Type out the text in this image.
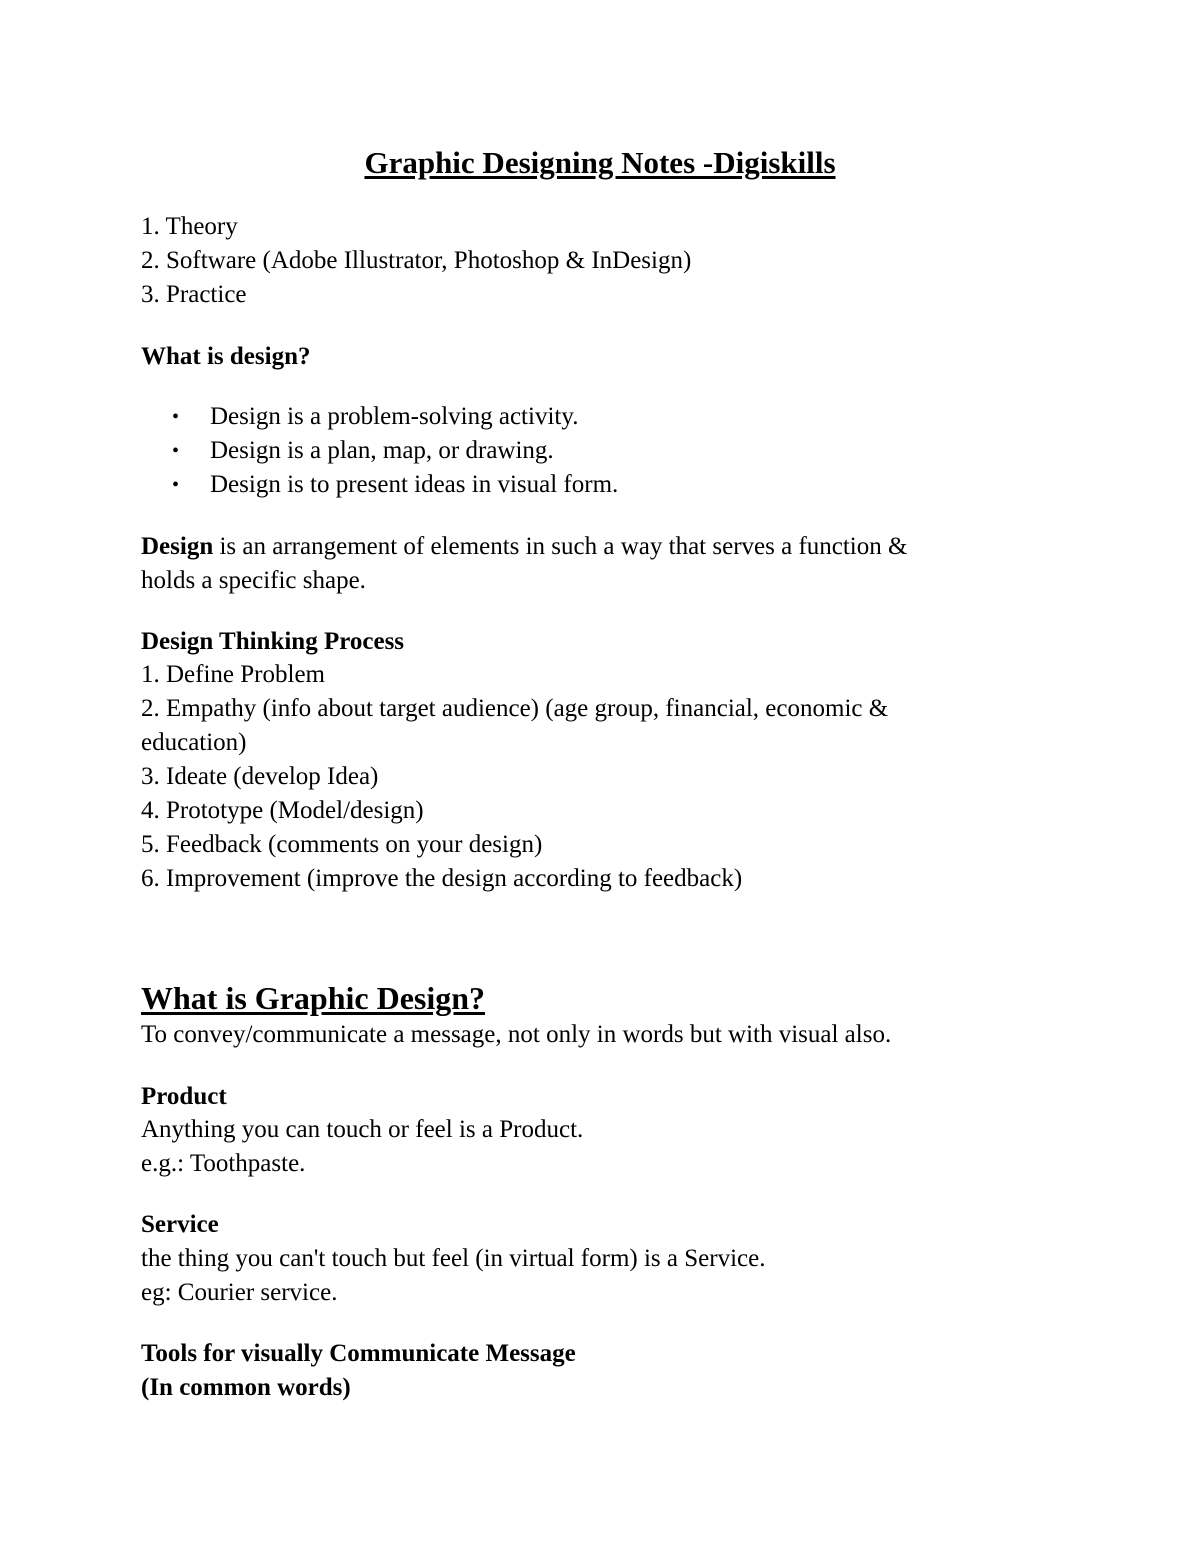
Graphic Designing Notes -Digiskills
1. Theory
2. Software (Adobe Illustrator, Photoshop & InDesign)
3. Practice
What is design?
• Design is a problem-solving activity.
• Design is a plan, map, or drawing.
• Design is to present ideas in visual form.
Design is an arrangement of elements in such a way that serves a function &
holds a specific shape.
Design Thinking Process
1. Define Problem
2. Empathy (info about target audience) (age group, financial, economic &
education)
3. Ideate (develop Idea)
4. Prototype (Model/design)
5. Feedback (comments on your design)
6. Improvement (improve the design according to feedback)
What is Graphic Design?
To convey/communicate a message, not only in words but with visual also.
Product
Anything you can touch or feel is a Product.
e.g.: Toothpaste.
Service
the thing you can't touch but feel (in virtual form) is a Service.
eg: Courier service.
Tools for visually Communicate Message
(In common words)
